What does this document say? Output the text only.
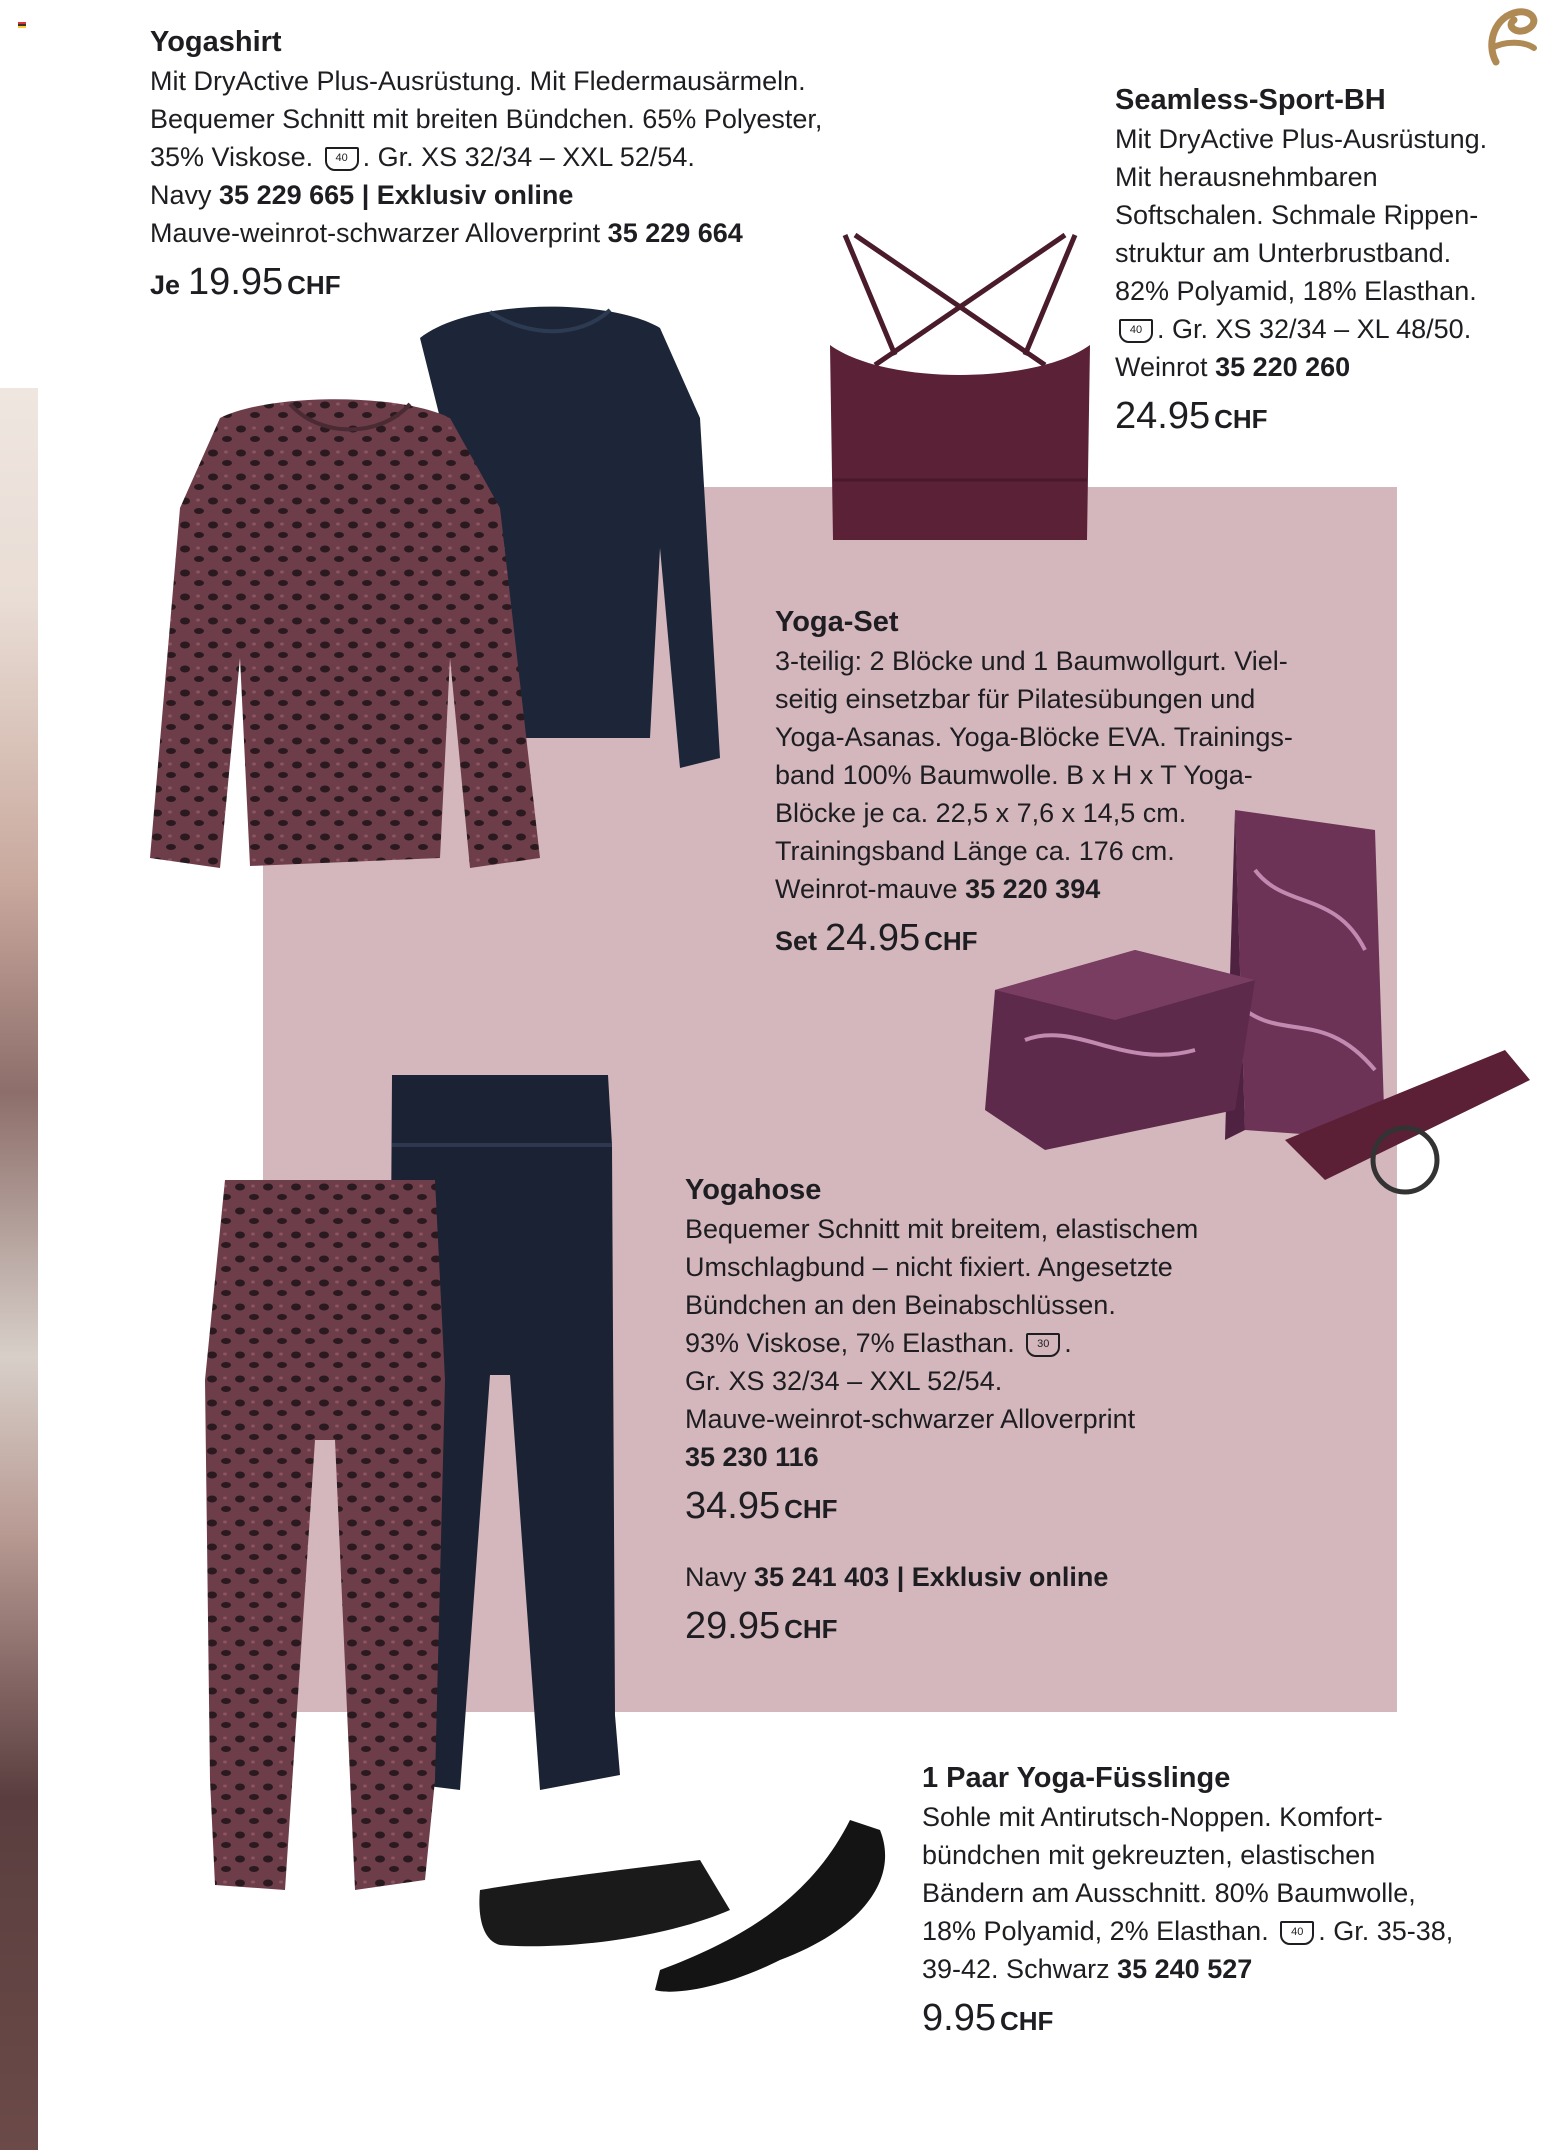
Yogashirt
Mit DryActive Plus-Ausrüstung. Mit Fledermausärmeln.
Bequemer Schnitt mit breiten Bündchen. 65% Polyester,
35% Viskose. 40 . Gr. XS 32/34 – XXL 52/54.
Navy 35 229 665 | Exklusiv online
Mauve-weinrot-schwarzer Alloverprint 35 229 664
Je 19.95 CHF
Seamless-Sport-BH
Mit DryActive Plus-Ausrüstung.
Mit herausnehmbaren
Softschalen. Schmale Rippen-
struktur am Unterbrustband.
82% Polyamid, 18% Elasthan.
40 . Gr. XS 32/34 – XL 48/50.
Weinrot 35 220 260
24.95 CHF
Yoga-Set
3-teilig: 2 Blöcke und 1 Baumwollgurt. Viel-
seitig einsetzbar für Pilatesübungen und
Yoga-Asanas. Yoga-Blöcke EVA. Trainings-
band 100% Baumwolle. B x H x T Yoga-
Blöcke je ca. 22,5 x 7,6 x 14,5 cm.
Trainingsband Länge ca. 176 cm.
Weinrot-mauve 35 220 394
Set 24.95 CHF
Yogahose
Bequemer Schnitt mit breitem, elastischem
Umschlagbund – nicht fixiert. Angesetzte
Bündchen an den Beinabschlüssen.
93% Viskose, 7% Elasthan. 30 .
Gr. XS 32/34 – XXL 52/54.
Mauve-weinrot-schwarzer Alloverprint
35 230 116
34.95 CHF
Navy 35 241 403 | Exklusiv online
29.95 CHF
1 Paar Yoga-Füsslinge
Sohle mit Antirutsch-Noppen. Komfort-
bündchen mit gekreuzten, elastischen
Bändern am Ausschnitt. 80% Baumwolle,
18% Polyamid, 2% Elasthan. 40 . Gr. 35-38,
39-42. Schwarz 35 240 527
9.95 CHF
